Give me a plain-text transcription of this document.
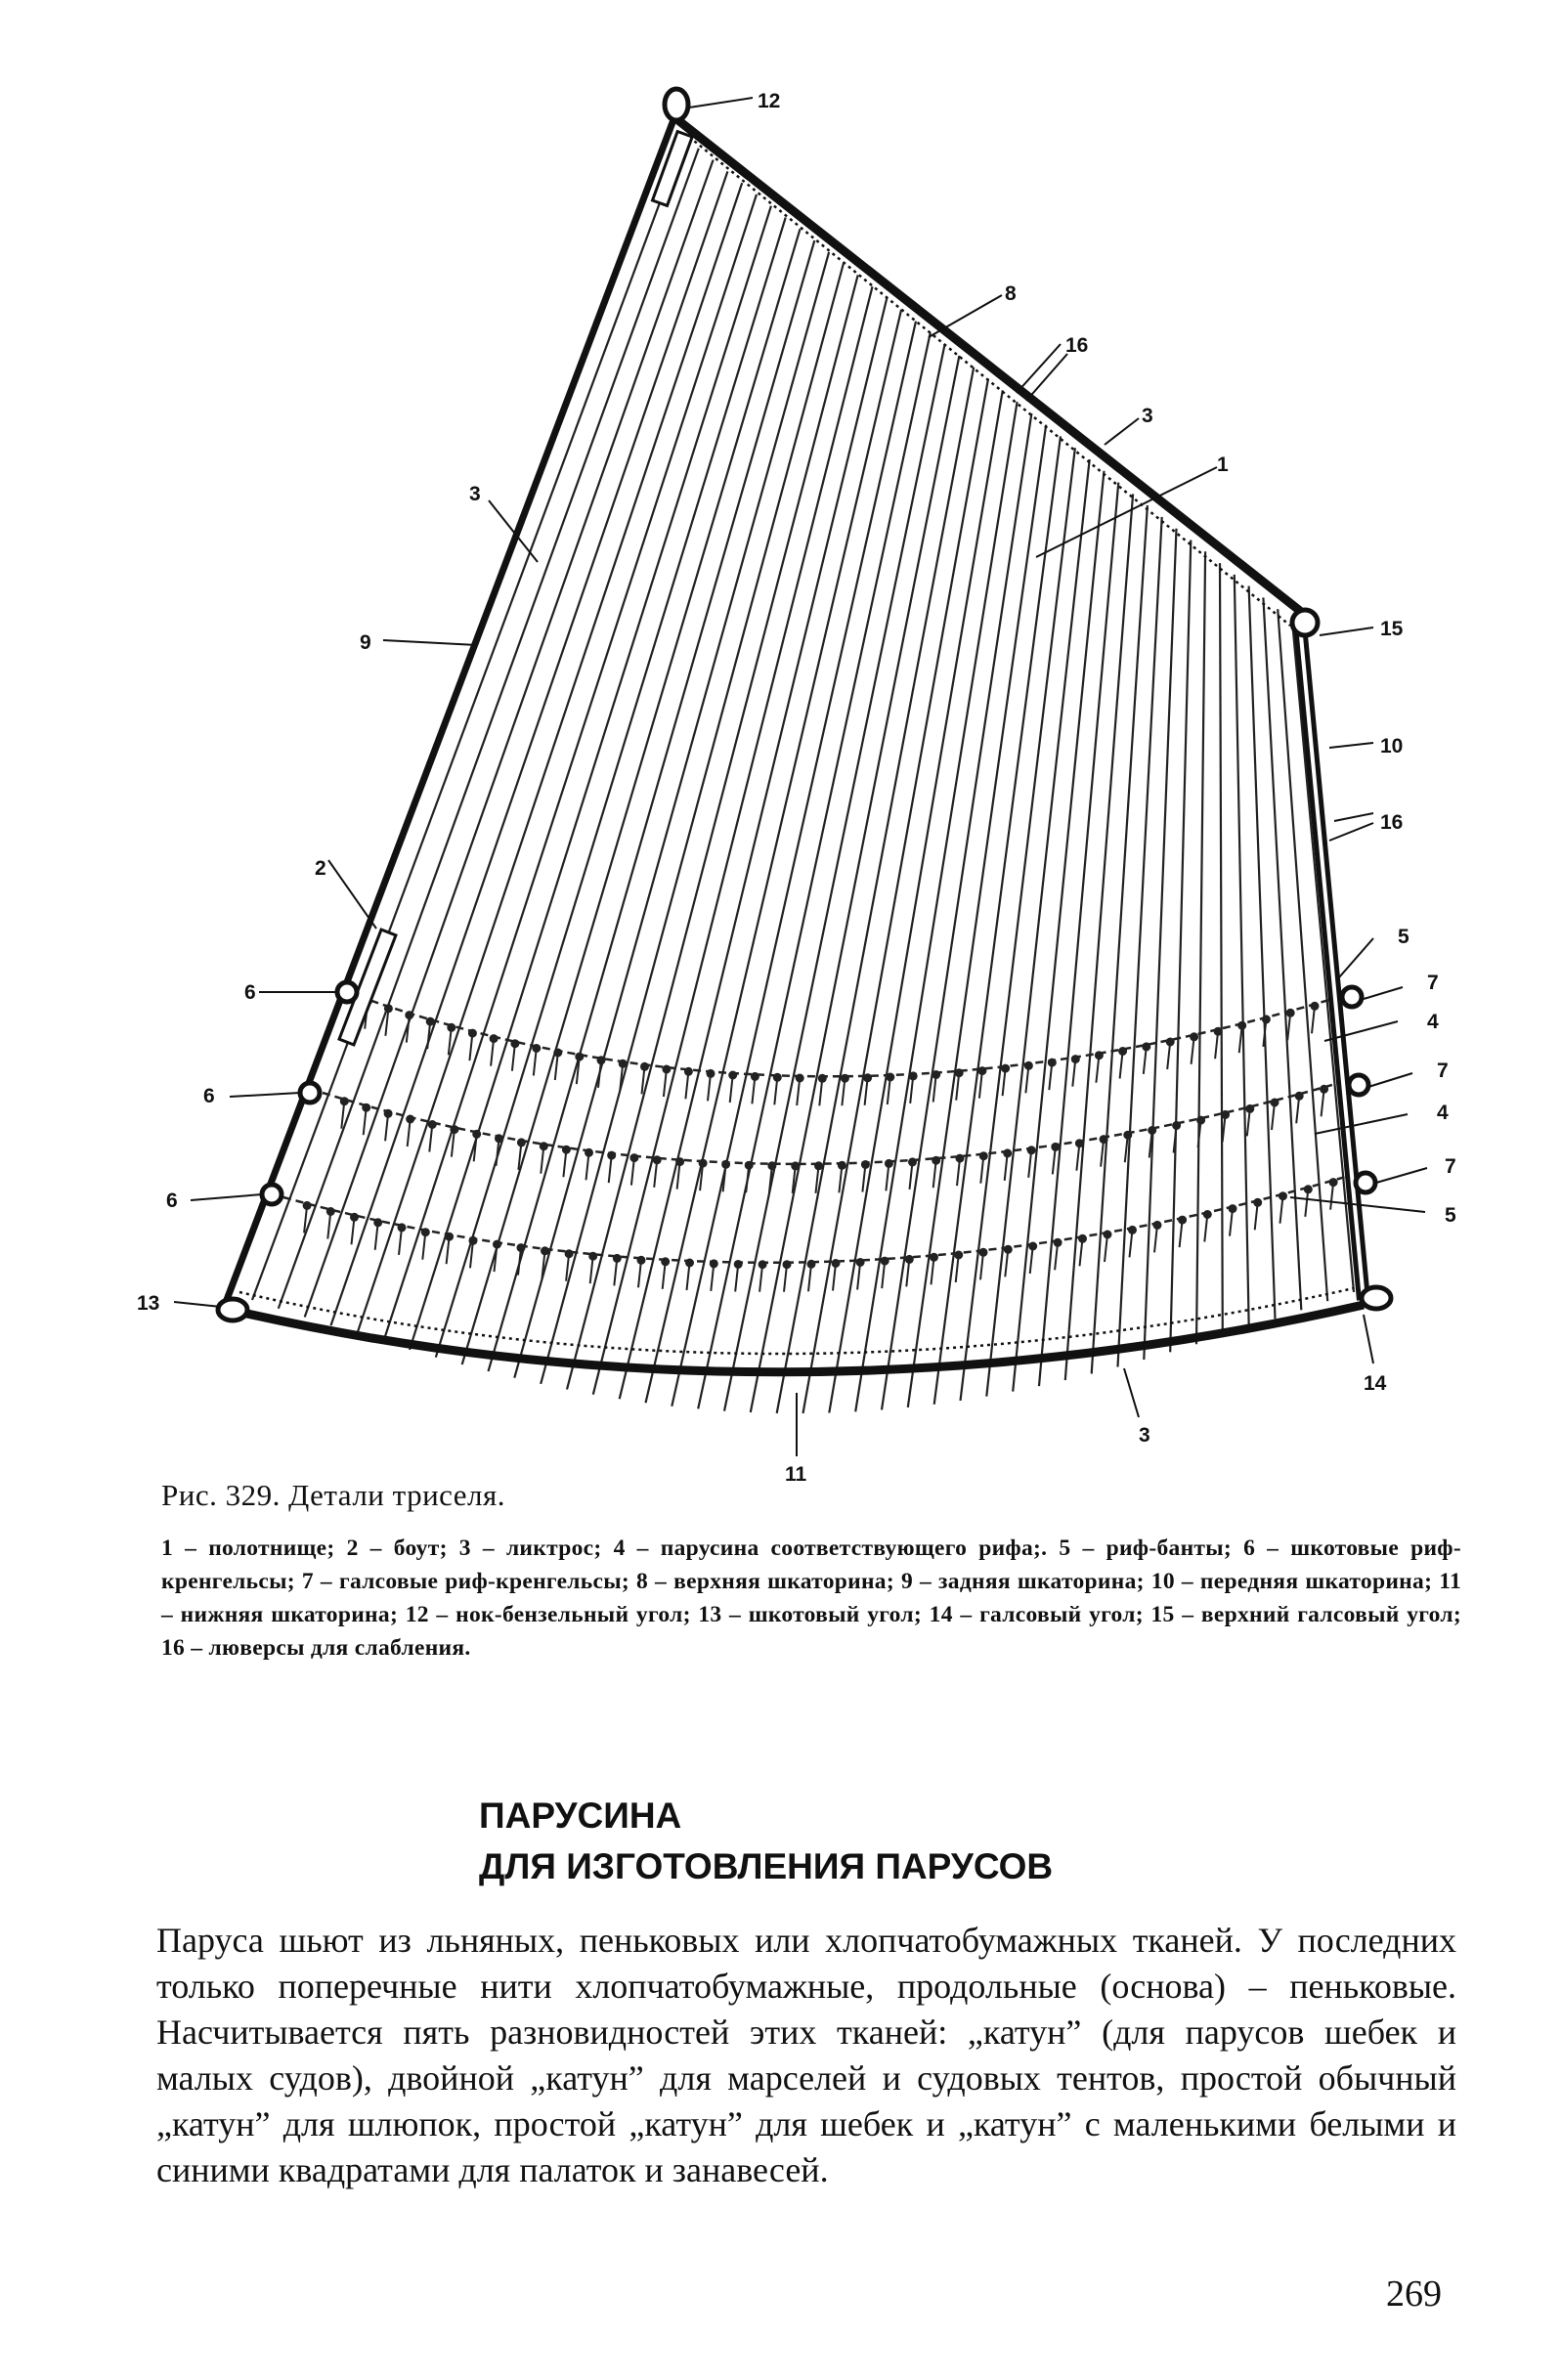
12
8
16
3
1
3
15
9
10
16
2
5
6	7
4
6
7
4
6
7
5
13
14
3
11
Рис. 329. Детали триселя.
1 – полотнище; 2 – боут; 3 – ликтрос; 4 – парусина соответствующего рифа;. 5 – риф-банты; 6 – шкотовые риф-кренгельсы; 7 – галсовые риф-кренгельсы; 8 – верхняя шкаторина; 9 – задняя шкаторина; 10 – передняя шкаторина; 11 – нижняя шкаторина; 12 – нок-бензельный угол; 13 – шкотовый угол; 14 – галсовый угол; 15 – верхний галсовый угол; 16 – люверсы для слабления.
ПАРУСИНА
ДЛЯ ИЗГОТОВЛЕНИЯ ПАРУСОВ
Паруса шьют из льняных, пеньковых или хлопчатобумажных тканей. У последних только поперечные нити хлопчатобумажные, продольные (основа) – пеньковые. Насчитывается пять разновидностей этих тканей: „катун” (для парусов шебек и малых судов), двойной „катун” для марселей и судовых тентов, простой обычный „катун” для шлюпок, простой „катун” для шебек и „катун” с маленькими белыми и синими квадратами для палаток и занавесей.
269
